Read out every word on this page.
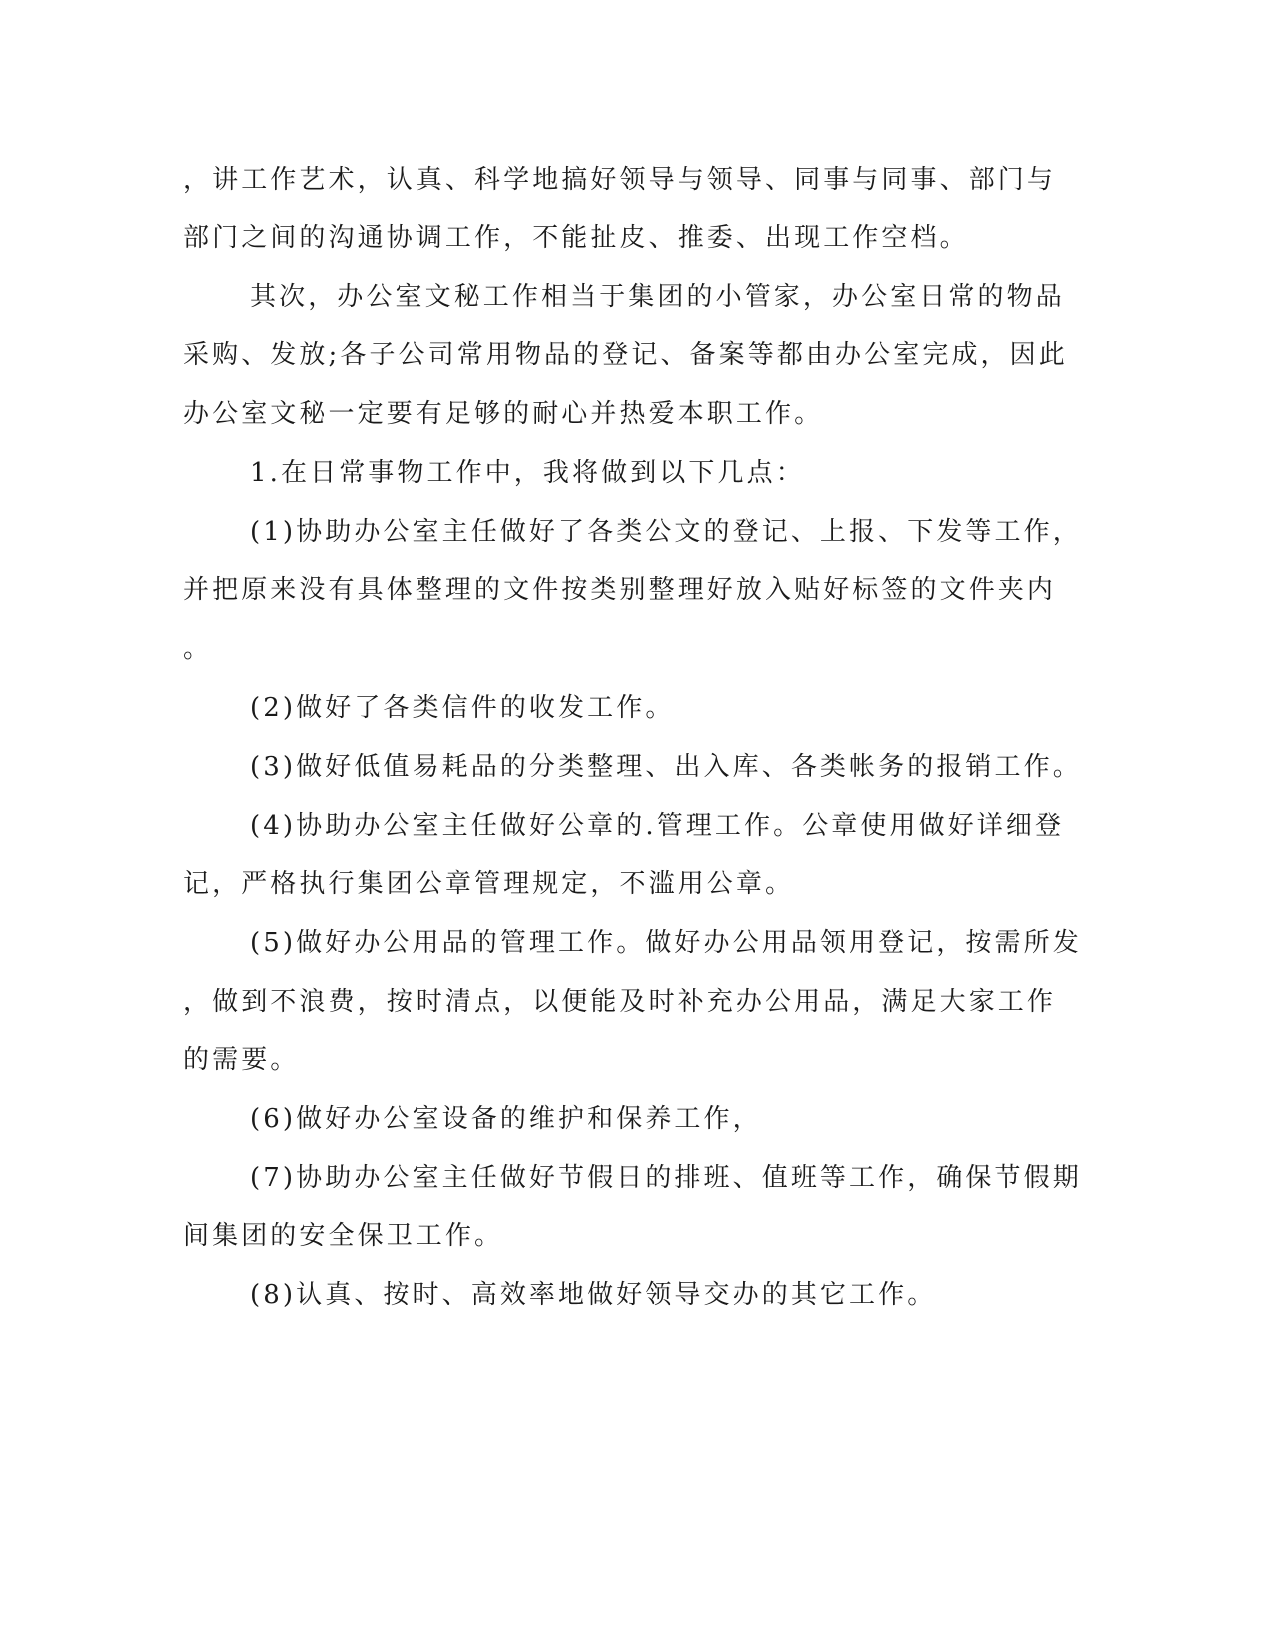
，讲工作艺术，认真、科学地搞好领导与领导、同事与同事、部门与
部门之间的沟通协调工作，不能扯皮、推委、出现工作空档。
其次，办公室文秘工作相当于集团的小管家，办公室日常的物品
采购、发放;各子公司常用物品的登记、备案等都由办公室完成，因此
办公室文秘一定要有足够的耐心并热爱本职工作。
1.在日常事物工作中，我将做到以下几点：
(1)协助办公室主任做好了各类公文的登记、上报、下发等工作，
并把原来没有具体整理的文件按类别整理好放入贴好标签的文件夹内
。
(2)做好了各类信件的收发工作。
(3)做好低值易耗品的分类整理、出入库、各类帐务的报销工作。
(4)协助办公室主任做好公章的.管理工作。公章使用做好详细登
记，严格执行集团公章管理规定，不滥用公章。
(5)做好办公用品的管理工作。做好办公用品领用登记，按需所发
，做到不浪费，按时清点，以便能及时补充办公用品，满足大家工作
的需要。
(6)做好办公室设备的维护和保养工作，
(7)协助办公室主任做好节假日的排班、值班等工作，确保节假期
间集团的安全保卫工作。
(8)认真、按时、高效率地做好领导交办的其它工作。
